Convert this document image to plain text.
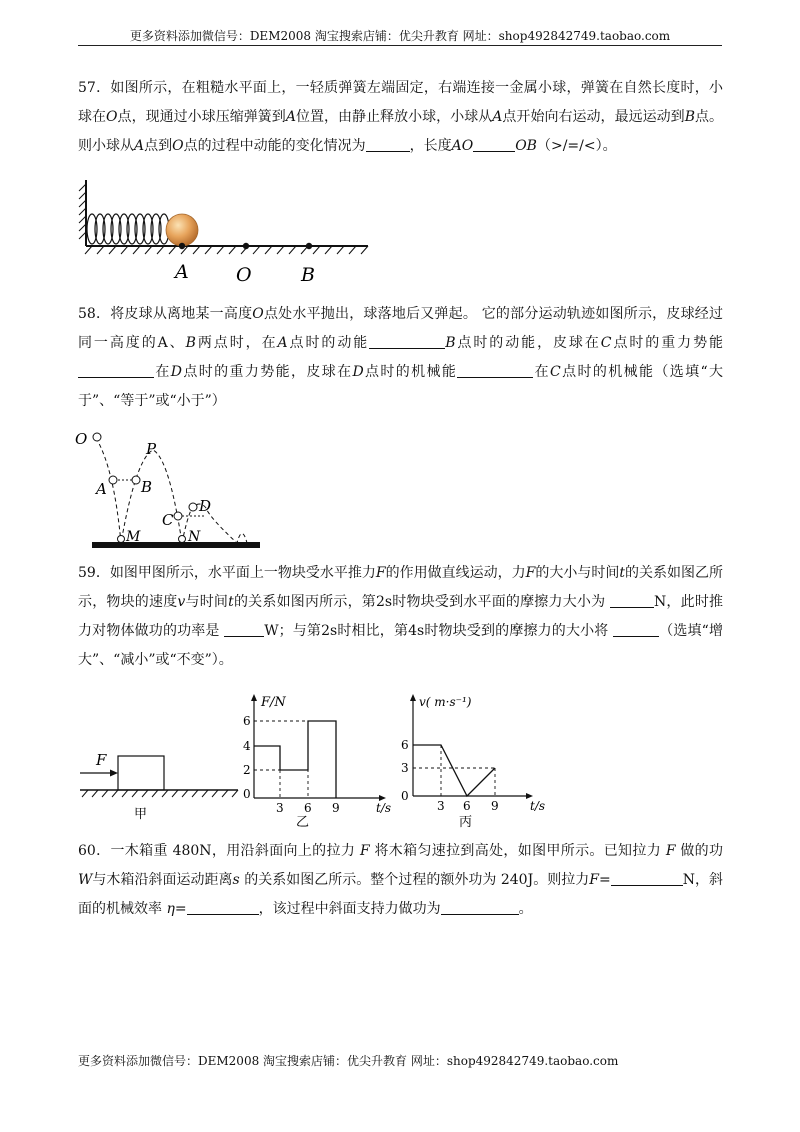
更多资料添加微信号：DEM2008 淘宝搜索店铺：优尖升教育 网址：shop492842749.taobao.com
57．如图所示，在粗糙水平面上，一轻质弹簧左端固定，右端连接一金属小球，弹簧在自然长度时，小球在O点，现通过小球压缩弹簧到A位置，由静止释放小球，小球从A点开始向右运动，最远运动到B点。则小球从A点到O点的过程中动能的变化情况为	，长度AO	OB（>/=/<）。
A O	B
58．将皮球从离地某一高度O点处水平抛出，球落地后又弹起。 它的部分运动轨迹如图所示，皮球经过同一高度的A、B两点时，在A点时的动能	B点时的动能，皮球在C点时的重力势能在D点时的重力势能，皮球在D点时的机械能	在C点时的机械能（选填“大于”、“等于”或“小于”）
O
P
A B
C
D
M	N
59．如图甲图所示，水平面上一物块受水平推力F的作用做直线运动，力F的大小与时间t的关系如图乙所示，物块的速度v与时间t的关系如图丙所示，第2s时物块受到水平面的摩擦力大小为	N，此时推力对物体做功的功率是	W；与第2s时相比，第4s时物块受到的摩擦力的大小将	（选填“增大”、“减小”或“不变”）。
F
甲
F/N
6
4
2
0
3 6 9	t/s
乙
v( m·s⁻¹)
6
3
0
3 6 9	t/s
丙
60．一木箱重 480N，用沿斜面向上的拉力 F 将木箱匀速拉到高处，如图甲所示。已知拉力 F 做的功 W与木箱沿斜面运动距离s 的关系如图乙所示。整个过程的额外功为 240J。则拉力F=	N，斜面的机械效率 η=	，该过程中斜面支持力做功为	。
更多资料添加微信号：DEM2008 淘宝搜索店铺：优尖升教育 网址：shop492842749.taobao.com
